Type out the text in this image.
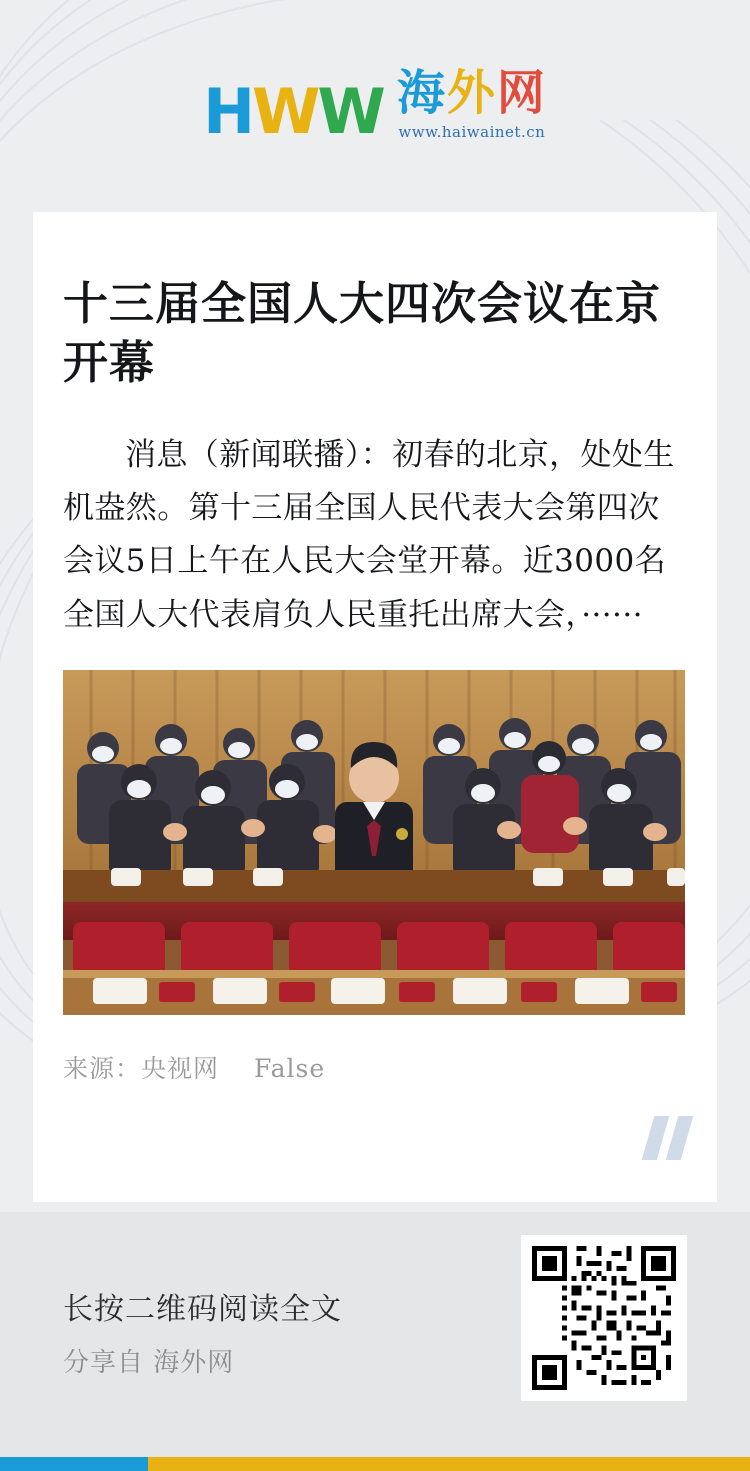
H W W 海外网
www.haiwainet.cn
十三届全国人大四次会议在京开幕

消息（新闻联播）：初春的北京，处处生机盎然。第十三届全国人民代表大会第四次会议5日上午在人民大会堂开幕。近3000名全国人大代表肩负人民重托出席大会，······

来源：央视网 False
长按二维码阅读全文
分享自 海外网
